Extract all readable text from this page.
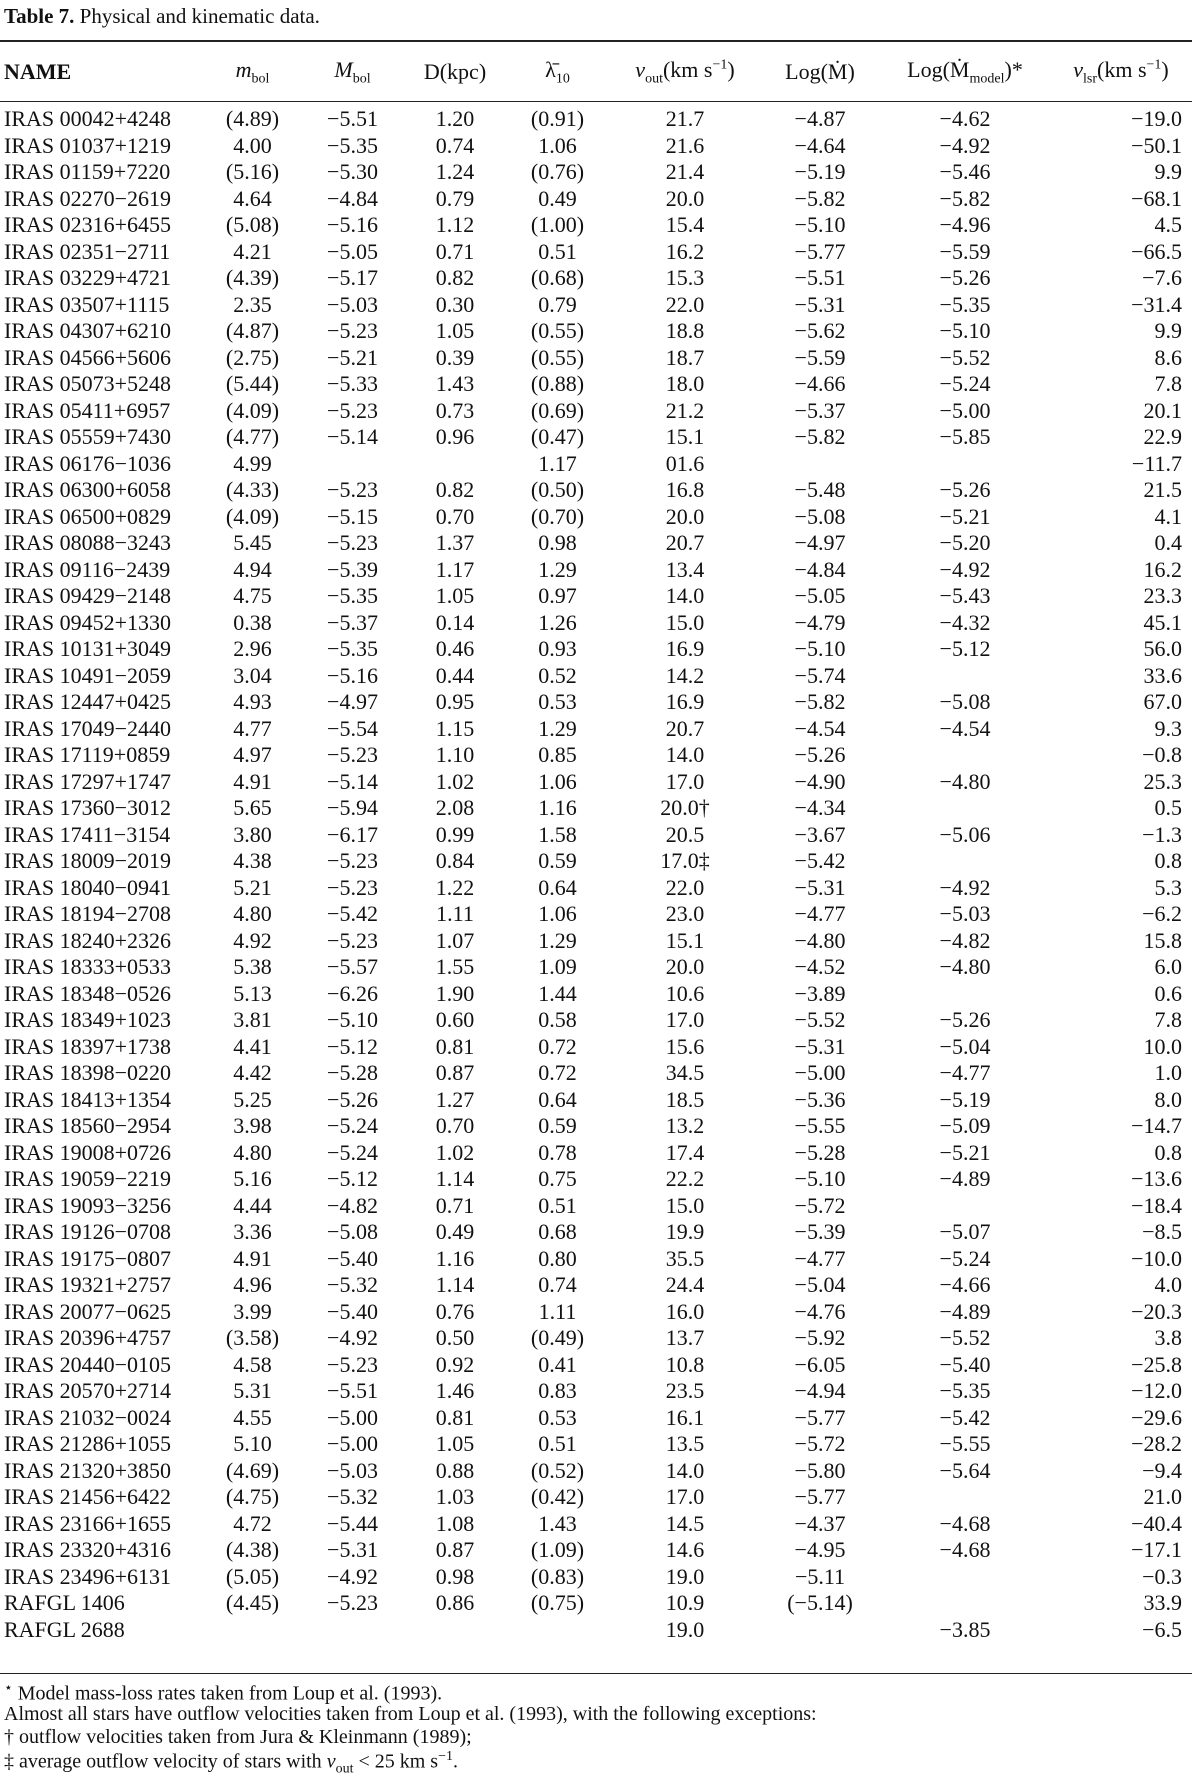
Table 7. Physical and kinematic data.
NAME	$m_{bol}$	$M_{bol}$	D(kpc)	$\lambdā_{10}$	$v_{out}(km$ $s^{-1}$)	Log(Ṁ)	Log(Ṁ$_{model}$)*	$v_{lsr}(km$ $s^{-1}$)
IRAS 00042+4248	(4.89)	−5.51	1.20	(0.91)	21.7	−4.87	−4.62	−19.0
IRAS 01037+1219	4.00	−5.35	0.74	1.06	21.6	−4.64	−4.92	−50.1
IRAS 01159+7220	(5.16)	−5.30	1.24	(0.76)	21.4	−5.19	−5.46	9.9
IRAS 02270−2619	4.64	−4.84	0.79	0.49	20.0	−5.82	−5.82	−68.1
IRAS 02316+6455	(5.08)	−5.16	1.12	(1.00)	15.4	−5.10	−4.96	4.5
IRAS 02351−2711	4.21	−5.05	0.71	0.51	16.2	−5.77	−5.59	−66.5
IRAS 03229+4721	(4.39)	−5.17	0.82	(0.68)	15.3	−5.51	−5.26	−7.6
IRAS 03507+1115	2.35	−5.03	0.30	0.79	22.0	−5.31	−5.35	−31.4
IRAS 04307+6210	(4.87)	−5.23	1.05	(0.55)	18.8	−5.62	−5.10	9.9
IRAS 04566+5606	(2.75)	−5.21	0.39	(0.55)	18.7	−5.59	−5.52	8.6
IRAS 05073+5248	(5.44)	−5.33	1.43	(0.88)	18.0	−4.66	−5.24	7.8
IRAS 05411+6957	(4.09)	−5.23	0.73	(0.69)	21.2	−5.37	−5.00	20.1
IRAS 05559+7430	(4.77)	−5.14	0.96	(0.47)	15.1	−5.82	−5.85	22.9
IRAS 06176−1036	4.99			1.17	01.6			−11.7
IRAS 06300+6058	(4.33)	−5.23	0.82	(0.50)	16.8	−5.48	−5.26	21.5
IRAS 06500+0829	(4.09)	−5.15	0.70	(0.70)	20.0	−5.08	−5.21	4.1
IRAS 08088−3243	5.45	−5.23	1.37	0.98	20.7	−4.97	−5.20	0.4
IRAS 09116−2439	4.94	−5.39	1.17	1.29	13.4	−4.84	−4.92	16.2
IRAS 09429−2148	4.75	−5.35	1.05	0.97	14.0	−5.05	−5.43	23.3
IRAS 09452+1330	0.38	−5.37	0.14	1.26	15.0	−4.79	−4.32	45.1
IRAS 10131+3049	2.96	−5.35	0.46	0.93	16.9	−5.10	−5.12	56.0
IRAS 10491−2059	3.04	−5.16	0.44	0.52	14.2	−5.74		33.6
IRAS 12447+0425	4.93	−4.97	0.95	0.53	16.9	−5.82	−5.08	67.0
IRAS 17049−2440	4.77	−5.54	1.15	1.29	20.7	−4.54	−4.54	9.3
IRAS 17119+0859	4.97	−5.23	1.10	0.85	14.0	−5.26		−0.8
IRAS 17297+1747	4.91	−5.14	1.02	1.06	17.0	−4.90	−4.80	25.3
IRAS 17360−3012	5.65	−5.94	2.08	1.16	20.0†	−4.34		0.5
IRAS 17411−3154	3.80	−6.17	0.99	1.58	20.5	−3.67	−5.06	−1.3
IRAS 18009−2019	4.38	−5.23	0.84	0.59	17.0‡	−5.42		0.8
IRAS 18040−0941	5.21	−5.23	1.22	0.64	22.0	−5.31	−4.92	5.3
IRAS 18194−2708	4.80	−5.42	1.11	1.06	23.0	−4.77	−5.03	−6.2
IRAS 18240+2326	4.92	−5.23	1.07	1.29	15.1	−4.80	−4.82	15.8
IRAS 18333+0533	5.38	−5.57	1.55	1.09	20.0	−4.52	−4.80	6.0
IRAS 18348−0526	5.13	−6.26	1.90	1.44	10.6	−3.89		0.6
IRAS 18349+1023	3.81	−5.10	0.60	0.58	17.0	−5.52	−5.26	7.8
IRAS 18397+1738	4.41	−5.12	0.81	0.72	15.6	−5.31	−5.04	10.0
IRAS 18398−0220	4.42	−5.28	0.87	0.72	34.5	−5.00	−4.77	1.0
IRAS 18413+1354	5.25	−5.26	1.27	0.64	18.5	−5.36	−5.19	8.0
IRAS 18560−2954	3.98	−5.24	0.70	0.59	13.2	−5.55	−5.09	−14.7
IRAS 19008+0726	4.80	−5.24	1.02	0.78	17.4	−5.28	−5.21	0.8
IRAS 19059−2219	5.16	−5.12	1.14	0.75	22.2	−5.10	−4.89	−13.6
IRAS 19093−3256	4.44	−4.82	0.71	0.51	15.0	−5.72		−18.4
IRAS 19126−0708	3.36	−5.08	0.49	0.68	19.9	−5.39	−5.07	−8.5
IRAS 19175−0807	4.91	−5.40	1.16	0.80	35.5	−4.77	−5.24	−10.0
IRAS 19321+2757	4.96	−5.32	1.14	0.74	24.4	−5.04	−4.66	4.0
IRAS 20077−0625	3.99	−5.40	0.76	1.11	16.0	−4.76	−4.89	−20.3
IRAS 20396+4757	(3.58)	−4.92	0.50	(0.49)	13.7	−5.92	−5.52	3.8
IRAS 20440−0105	4.58	−5.23	0.92	0.41	10.8	−6.05	−5.40	−25.8
IRAS 20570+2714	5.31	−5.51	1.46	0.83	23.5	−4.94	−5.35	−12.0
IRAS 21032−0024	4.55	−5.00	0.81	0.53	16.1	−5.77	−5.42	−29.6
IRAS 21286+1055	5.10	−5.00	1.05	0.51	13.5	−5.72	−5.55	−28.2
IRAS 21320+3850	(4.69)	−5.03	0.88	(0.52)	14.0	−5.80	−5.64	−9.4
IRAS 21456+6422	(4.75)	−5.32	1.03	(0.42)	17.0	−5.77		21.0
IRAS 23166+1655	4.72	−5.44	1.08	1.43	14.5	−4.37	−4.68	−40.4
IRAS 23320+4316	(4.38)	−5.31	0.87	(1.09)	14.6	−4.95	−4.68	−17.1
IRAS 23496+6131	(5.05)	−4.92	0.98	(0.83)	19.0	−5.11		−0.3
RAFGL 1406	(4.45)	−5.23	0.86	(0.75)	10.9	(−5.14)		33.9
RAFGL 2688					19.0		−3.85	−6.5
⋆ Model mass-loss rates taken from Loup et al. (1993).
Almost all stars have outflow velocities taken from Loup et al. (1993), with the following exceptions:
† outflow velocities taken from Jura & Kleinmann (1989);
‡ average outflow velocity of stars with $v_{out} < 25$ km $s^{-1}$.
